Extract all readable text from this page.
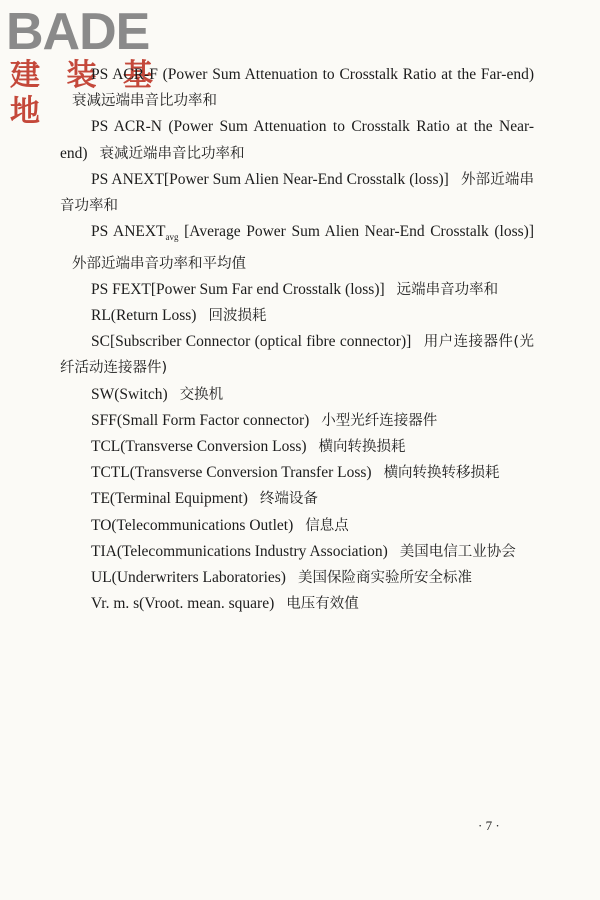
BADE
建 装 基 地

PS ACR-F (Power Sum Attenuation to Crosstalk Ratio at the Far-end)衰减远端串音比功率和

PS ACR-N (Power Sum Attenuation to Crosstalk Ratio at the Near-end) 衰减近端串音比功率和

PS ANEXT[Power Sum Alien Near-End Crosstalk (loss)] 外部近端串音功率和

PS $ANEXT_{avg}$ [Average Power Sum Alien Near-End Crosstalk (loss)]外部近端串音功率和平均值

PS FEXT[Power Sum Far end Crosstalk (loss)] 远端串音功率和

RL(Return Loss) 回波损耗

SC[Subscriber Connector (optical fibre connector)] 用户连接器件(光纤活动连接器件)

SW(Switch) 交换机

SFF(Small Form Factor connector) 小型光纤连接器件

TCL(Transverse Conversion Loss) 横向转换损耗

TCTL(Transverse Conversion Transfer Loss) 横向转换转移损耗

TE(Terminal Equipment) 终端设备

TO(Telecommunications Outlet) 信息点

TIA(Telecommunications Industry Association) 美国电信工业协会

UL(Underwriters Laboratories) 美国保险商实验所安全标准

Vr. m. s(Vroot. mean. square) 电压有效值

· 7 ·
